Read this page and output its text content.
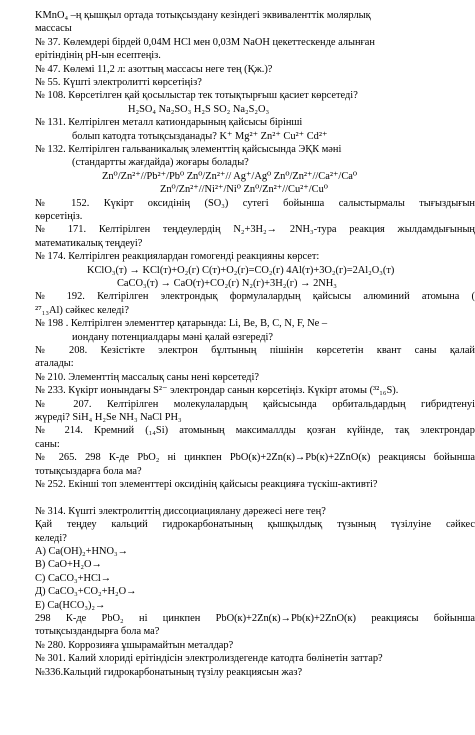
KMnO₄ –ң қышқыл ортада тотықсыздану кезіндегі эквиваленттік молярлық
массасы
№ 37. Көлемдері бірдей 0,04М HCl мен 0,03М NaOH цекеттескенде алынған
ерітіндінің рН-ын есептеңіз.
№ 47. Көлемі 11,2 л: азоттың массасы неге тең (Қж.)?
№ 55. Күшті электролитті көрсетіңіз?
№ 108. Көрсетілген қай қосылыстар тек тотықтырғыш қасиет көрсетеді?
H₂SO₄ Na₂SO₃ H₂S SO₂ Na₂S₂O₃
№ 131. Келтірілген металл катиондарының қайсысы бірінші
болып катодта тотықсызданады? K⁺ Mg²⁺ Zn²⁺ Cu²⁺ Cd²⁺
№ 132. Келтірілген гальваникалық элементтің қайсысында ЭҚК мәні
(стандартты жағдайда) жоғары болады?
Zn⁰/Zn²⁺//Pb²⁺/Pb⁰ Zn⁰/Zn²⁺// Ag⁺/Ag⁰ Zn⁰/Zn²⁺//Ca²⁺/Ca⁰
Zn⁰/Zn²⁺//Ni²⁺/Ni⁰ Zn⁰/Zn²⁺//Cu²⁺/Cu⁰
№ 152. Күкірт оксидінің (SO₃) сутегі бойынша салыстырмалы тығыздығын
көрсетіңіз.
№ 171. Келтірілген теңдеулердің N₂+3H₂→ 2NH₃-тура реакция жылдамдығының
математикалық теңдеуі?
№ 174. Келтірілген реакциялардан гомогенді реакцияны көрсет:
KClO₃(т) → KCl(т)+O₂(г) C(т)+O₂(г)=CO₂(г) 4Al(т)+3O₂(г)=2Al₂O₃(т)
CaCO₃(т) → CaO(т)+CO₂(г) N₂(г)+3H₂(г) → 2NH₃
№ 192. Келтірілген электрондық формулалардың қайсысы алюминий атомына (
²⁷₁₃Al) сәйкес келеді?
№ 198 . Келтірілген элементтер қатарында: Li, Be, B, C, N, F, Ne –
иондану потенциалдары мәні қалай өзгереді?
№ 208. Кезістікте электрон бұлтының пішінін көрсететін квант саны қалай
аталады:
№ 210. Элементтің массалық саны нені көрсетеді?
№ 233. Күкірт ионындағы S²⁻ электрондар санын көрсетіңіз. Күкірт атомы (³²₁₆S).
№ 207. Келтірілген молекулалардың қайсысында орбитальдардың гибридтенуі
жүреді? SiH₄ H₂Se NH₃ NaCl PH₃
№ 214. Кремний (₁₄Si) атомының максималлды қозған күйінде, тақ электрондар
саны:
№ 265. 298 К-де PbO₂ ні цинкпен PbO(к)+2Zn(к)→Pb(к)+2ZnO(к) реакциясы бойынша
тотықсыздарға бола ма?
№ 252. Екінші топ элементтері оксидінің қайсысы реакцияға түскіш-активті?
№ 314. Күшті электролиттің диссоциациялану дәрежесі неге тең?
Қай теңдеу кальций гидрокарбонатының қышқылдық түзының түзілуіне сәйкес
келеді?
А) Ca(OH)₂+HNO₃→
В) CaO+H₂O→
C) CaCO₃+HCl→
Д) CaCO₃+CO₂+H₂O→
E) Ca(HCO₃)₂→
298 К-де PbO₂ ні цинкпен PbO(к)+2Zn(к)→Pb(к)+2ZnO(к) реакциясы бойынша
тотықсыздандырға бола ма?
№ 280. Коррозияға ұшырамайтын металдар?
№ 301. Калий хлориді ерітіндісін электролиздегенде катодта бөлінетін заттар?
№336.Кальций гидрокарбонатының түзілу реакциясын жаз?
